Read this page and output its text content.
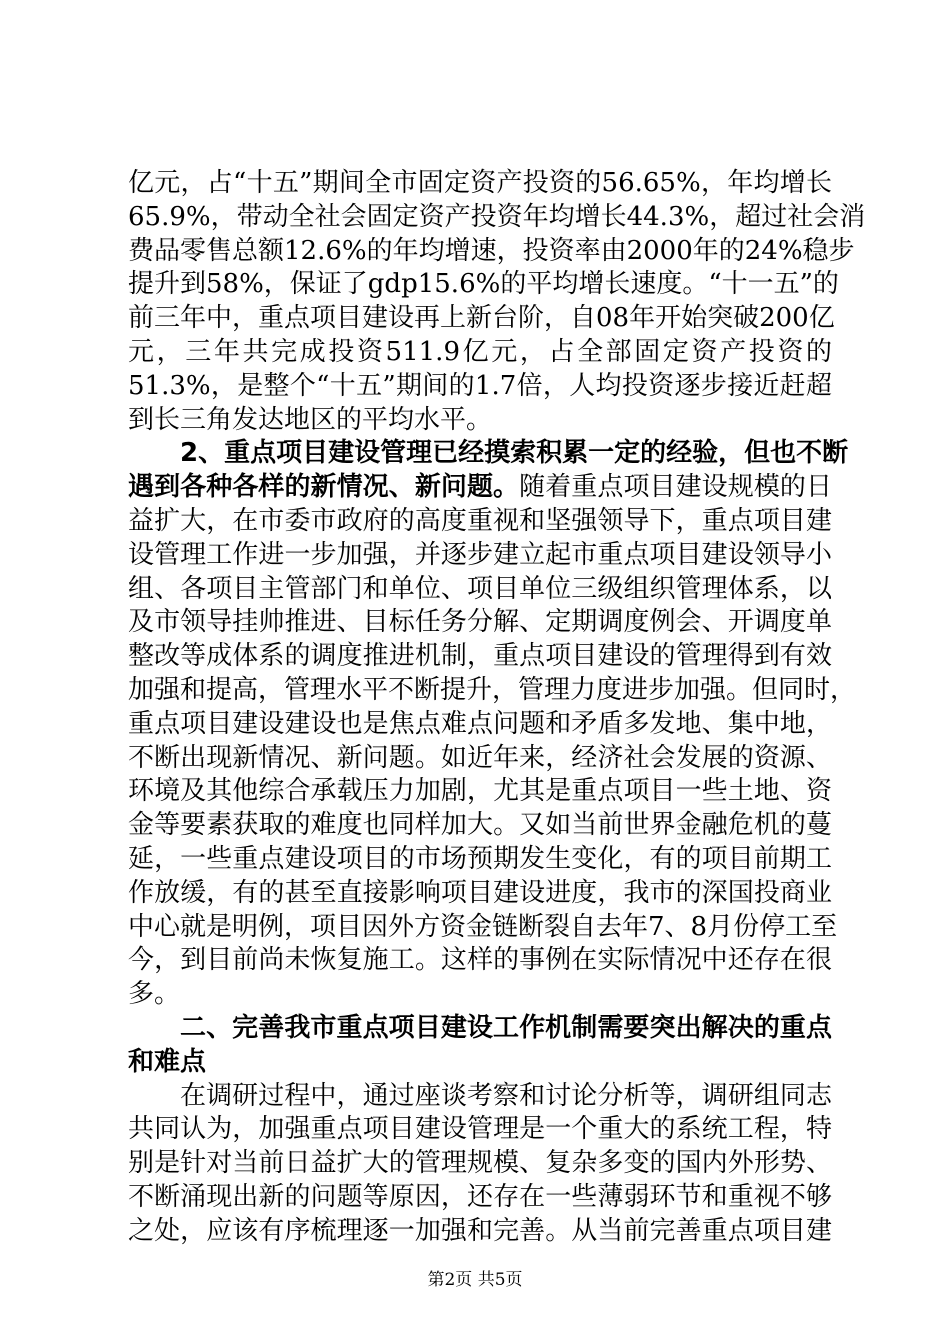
亿元，占“十五”期间全市固定资产投资的56.65%，年均增长
65.9%，带动全社会固定资产投资年均增长44.3%，超过社会消
费品零售总额12.6%的年均增速，投资率由2000年的24%稳步
提升到58%，保证了gdp15.6%的平均增长速度。“十一五”的
前三年中，重点项目建设再上新台阶，自08年开始突破200亿
元，三年共完成投资511.9亿元，占全部固定资产投资的
51.3%，是整个“十五”期间的1.7倍，人均投资逐步接近赶超
到长三角发达地区的平均水平。
2、重点项目建设管理已经摸索积累一定的经验，但也不断
遇到各种各样的新情况、新问题。随着重点项目建设规模的日
益扩大，在市委市政府的高度重视和坚强领导下，重点项目建
设管理工作进一步加强，并逐步建立起市重点项目建设领导小
组、各项目主管部门和单位、项目单位三级组织管理体系，以
及市领导挂帅推进、目标任务分解、定期调度例会、开调度单
整改等成体系的调度推进机制，重点项目建设的管理得到有效
加强和提高，管理水平不断提升，管理力度进步加强。但同时，
重点项目建设建设也是焦点难点问题和矛盾多发地、集中地，
不断出现新情况、新问题。如近年来，经济社会发展的资源、
环境及其他综合承载压力加剧，尤其是重点项目一些土地、资
金等要素获取的难度也同样加大。又如当前世界金融危机的蔓
延，一些重点建设项目的市场预期发生变化，有的项目前期工
作放缓，有的甚至直接影响项目建设进度，我市的深国投商业
中心就是明例，项目因外方资金链断裂自去年7、8月份停工至
今，到目前尚未恢复施工。这样的事例在实际情况中还存在很
多。
二、完善我市重点项目建设工作机制需要突出解决的重点
和难点
在调研过程中，通过座谈考察和讨论分析等，调研组同志
共同认为，加强重点项目建设管理是一个重大的系统工程，特
别是针对当前日益扩大的管理规模、复杂多变的国内外形势、
不断涌现出新的问题等原因，还存在一些薄弱环节和重视不够
之处，应该有序梳理逐一加强和完善。从当前完善重点项目建
第2页 共5页
